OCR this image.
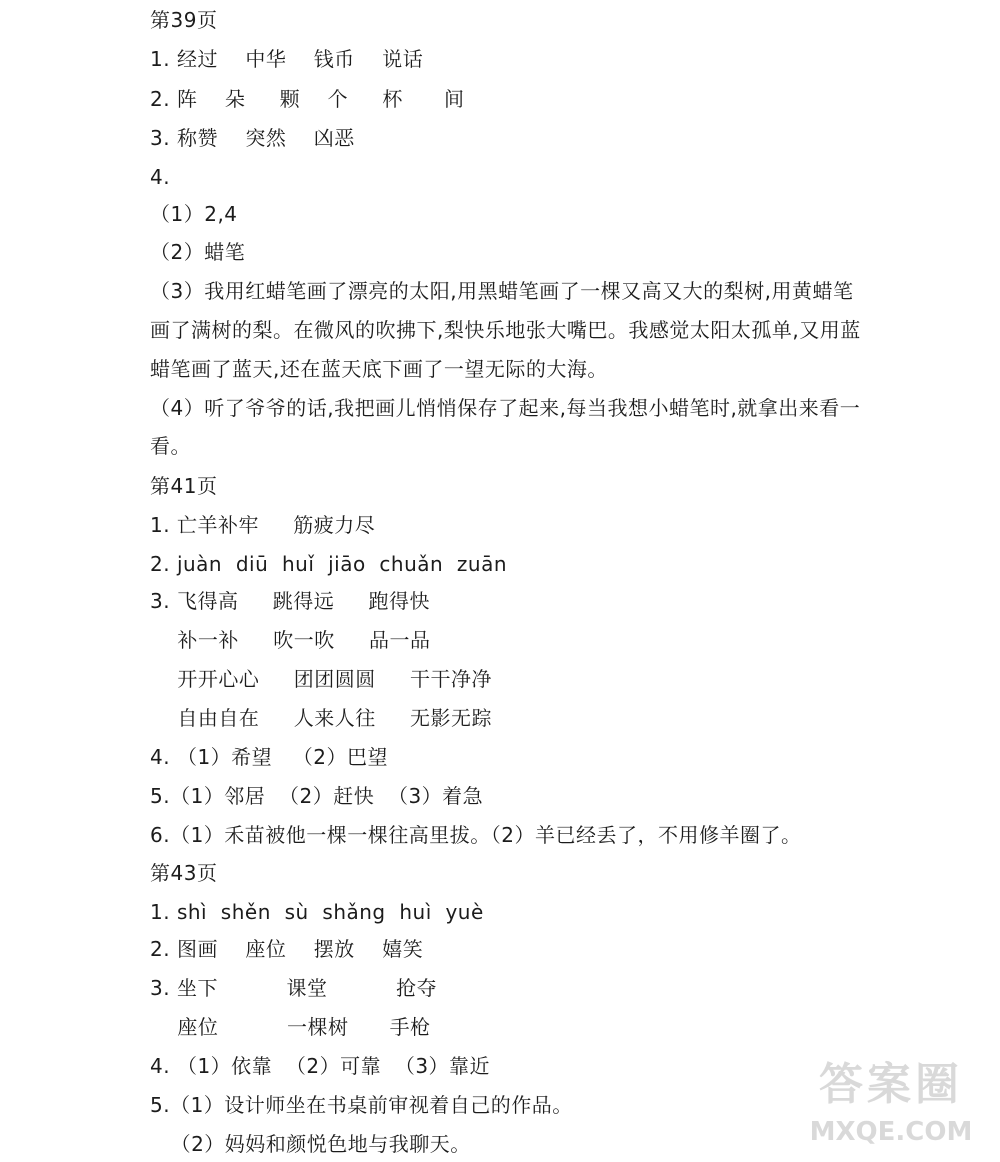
第39页
1. 经过    中华    钱币    说话
2. 阵    朵     颗    个     杯      间
3. 称赞    突然    凶恶
4.
（1）2,4
（2）蜡笔
（3）我用红蜡笔画了漂亮的太阳,用黑蜡笔画了一棵又高又大的梨树,用黄蜡笔
画了满树的梨。在微风的吹拂下,梨快乐地张大嘴巴。我感觉太阳太孤单,又用蓝
蜡笔画了蓝天,还在蓝天底下画了一望无际的大海。
（4）听了爷爷的话,我把画儿悄悄保存了起来,每当我想小蜡笔时,就拿出来看一
看。
第41页
1. 亡羊补牢     筋疲力尽
2. juàn  diū  huǐ  jiāo  chuǎn  zuān
3. 飞得高     跳得远     跑得快
补一补     吹一吹     品一品
开开心心     团团圆圆     干干净净
自由自在     人来人往     无影无踪
4. （1）希望   （2）巴望
5.（1）邻居  （2）赶快  （3）着急
6.（1）禾苗被他一棵一棵往高里拔。（2）羊已经丢了，不用修羊圈了。
第43页
1. shì  shěn  sù  shǎng  huì  yuè
2. 图画    座位    摆放    嬉笑
3. 坐下          课堂          抢夺
座位          一棵树      手枪
4. （1）依靠  （2）可靠  （3）靠近
5.（1）设计师坐在书桌前审视着自己的作品。
（2）妈妈和颜悦色地与我聊天。
答案圈
MXQE.COM
